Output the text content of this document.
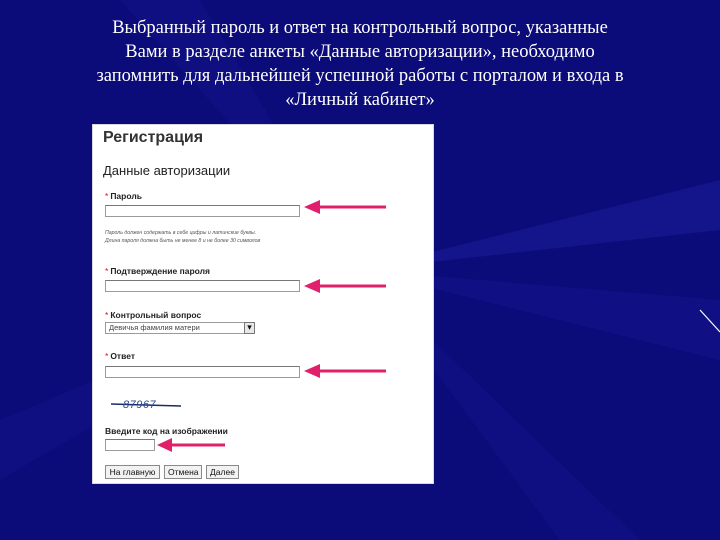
Выбранный пароль и ответ на контрольный вопрос, указанные
Вами в разделе анкеты «Данные авторизации», необходимо
запомнить для дальнейшей успешной работы с порталом и входа в
«Личный кабинет»
Регистрация
Данные авторизации
* Пароль
Пароль должен содержать в себе цифры и латинские буквы.
Длина пароля должна быть не менее 8 и не более 30 символов
* Подтверждение пароля
* Контрольный вопрос
Девичья фамилия матери	▾
* Ответ
87967
Введите код на изображении
На главную	Отмена	Далее
